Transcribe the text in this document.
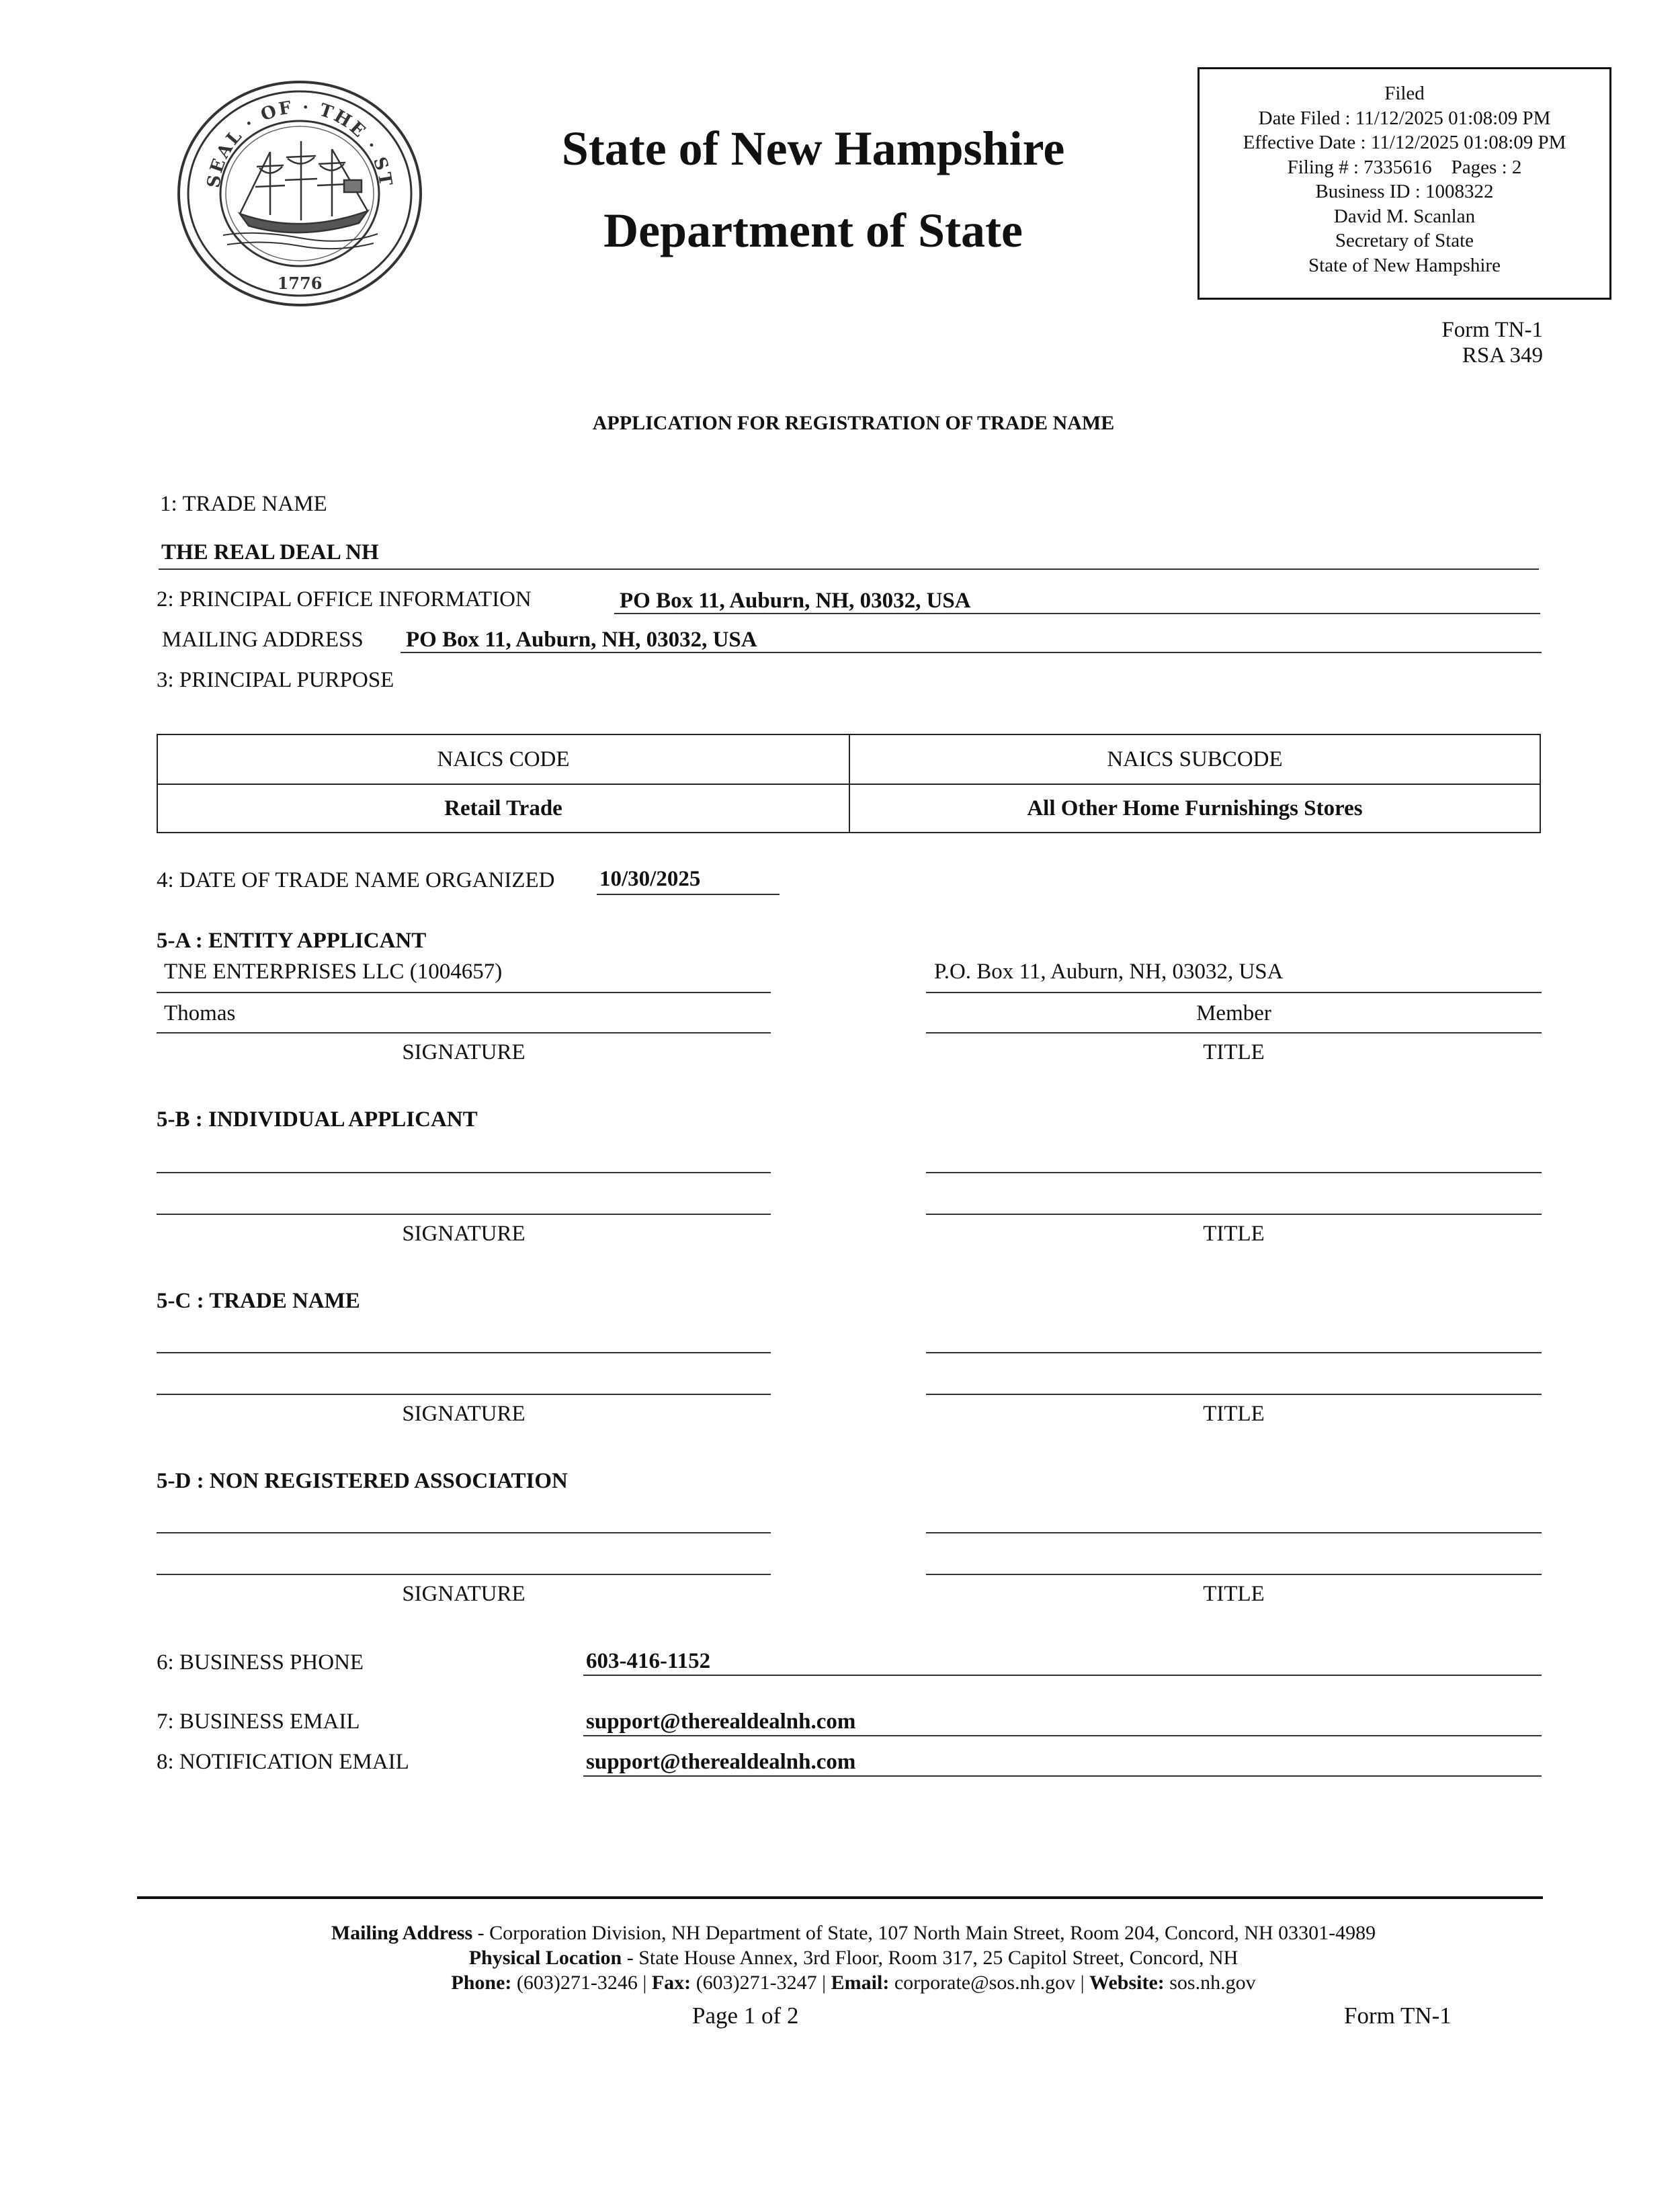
SEAL · OF · THE · ST
1776
State of New Hampshire
Department of State
Filed
Date Filed : 11/12/2025 01:08:09 PM
Effective Date : 11/12/2025 01:08:09 PM
Filing # : 7335616    Pages : 2
Business ID : 1008322
David M. Scanlan
Secretary of State
State of New Hampshire
Form TN-1
RSA 349
APPLICATION FOR REGISTRATION OF TRADE NAME
1: TRADE NAME
THE REAL DEAL NH
2: PRINCIPAL OFFICE INFORMATION	PO Box 11, Auburn, NH, 03032, USA
MAILING ADDRESS PO Box 11, Auburn, NH, 03032, USA
3: PRINCIPAL PURPOSE
NAICS CODE	NAICS SUBCODE
Retail Trade	All Other Home Furnishings Stores
4: DATE OF TRADE NAME ORGANIZED 10/30/2025
5-A : ENTITY APPLICANT
TNE ENTERPRISES LLC (1004657)	P.O. Box 11, Auburn, NH, 03032, USA
Thomas	Member
SIGNATURE	TITLE
5-B : INDIVIDUAL APPLICANT
SIGNATURE	TITLE
5-C : TRADE NAME
SIGNATURE	TITLE
5-D : NON REGISTERED ASSOCIATION
SIGNATURE	TITLE
6: BUSINESS PHONE	603-416-1152
7: BUSINESS EMAIL	support@therealdealnh.com
8: NOTIFICATION EMAIL	support@therealdealnh.com
Mailing Address - Corporation Division, NH Department of State, 107 North Main Street, Room 204, Concord, NH 03301-4989
Physical Location - State House Annex, 3rd Floor, Room 317, 25 Capitol Street, Concord, NH
Phone: (603)271-3246 | Fax: (603)271-3247 | Email: corporate@sos.nh.gov | Website: sos.nh.gov
Page 1 of 2	Form TN-1
